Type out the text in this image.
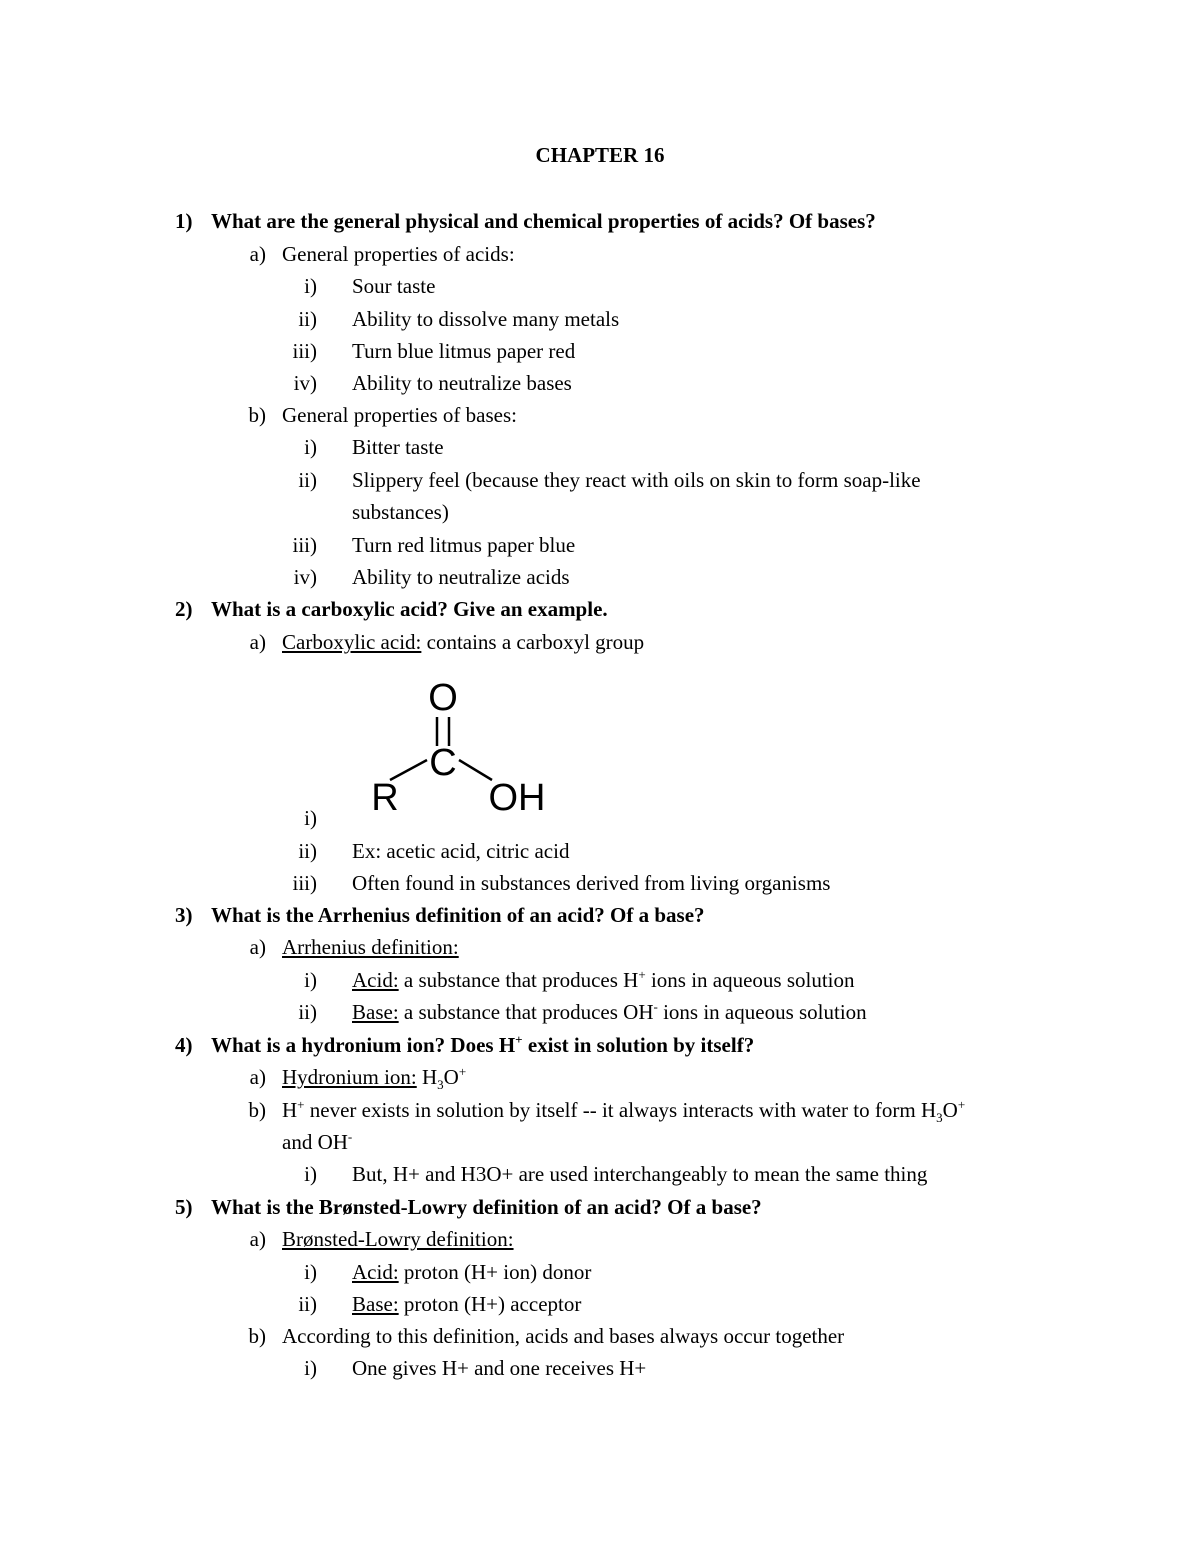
CHAPTER 16
1) What are the general physical and chemical properties of acids? Of bases?
a) General properties of acids:
i) Sour taste
ii) Ability to dissolve many metals
iii) Turn blue litmus paper red
iv) Ability to neutralize bases
b) General properties of bases:
i) Bitter taste
ii) Slippery feel (because they react with oils on skin to form soap-like
substances)
iii) Turn red litmus paper blue
iv) Ability to neutralize acids
2) What is a carboxylic acid? Give an example.
a) Carboxylic acid: contains a carboxyl group
O
C
R OH
i)
ii) Ex: acetic acid, citric acid
iii) Often found in substances derived from living organisms
3) What is the Arrhenius definition of an acid? Of a base?
a) Arrhenius definition:
i) Acid: a substance that produces H+ ions in aqueous solution
ii) Base: a substance that produces OH- ions in aqueous solution
4) What is a hydronium ion? Does H+ exist in solution by itself?
a) Hydronium ion: $H_3O^+$
b) H+ never exists in solution by itself -- it always interacts with water to form $H_3O^+$
and OH-
i) But, H+ and H3O+ are used interchangeably to mean the same thing
5) What is the Brønsted-Lowry definition of an acid? Of a base?
a) Brønsted-Lowry definition:
i) Acid: proton (H+ ion) donor
ii) Base: proton (H+) acceptor
b) According to this definition, acids and bases always occur together
i) One gives H+ and one receives H+
